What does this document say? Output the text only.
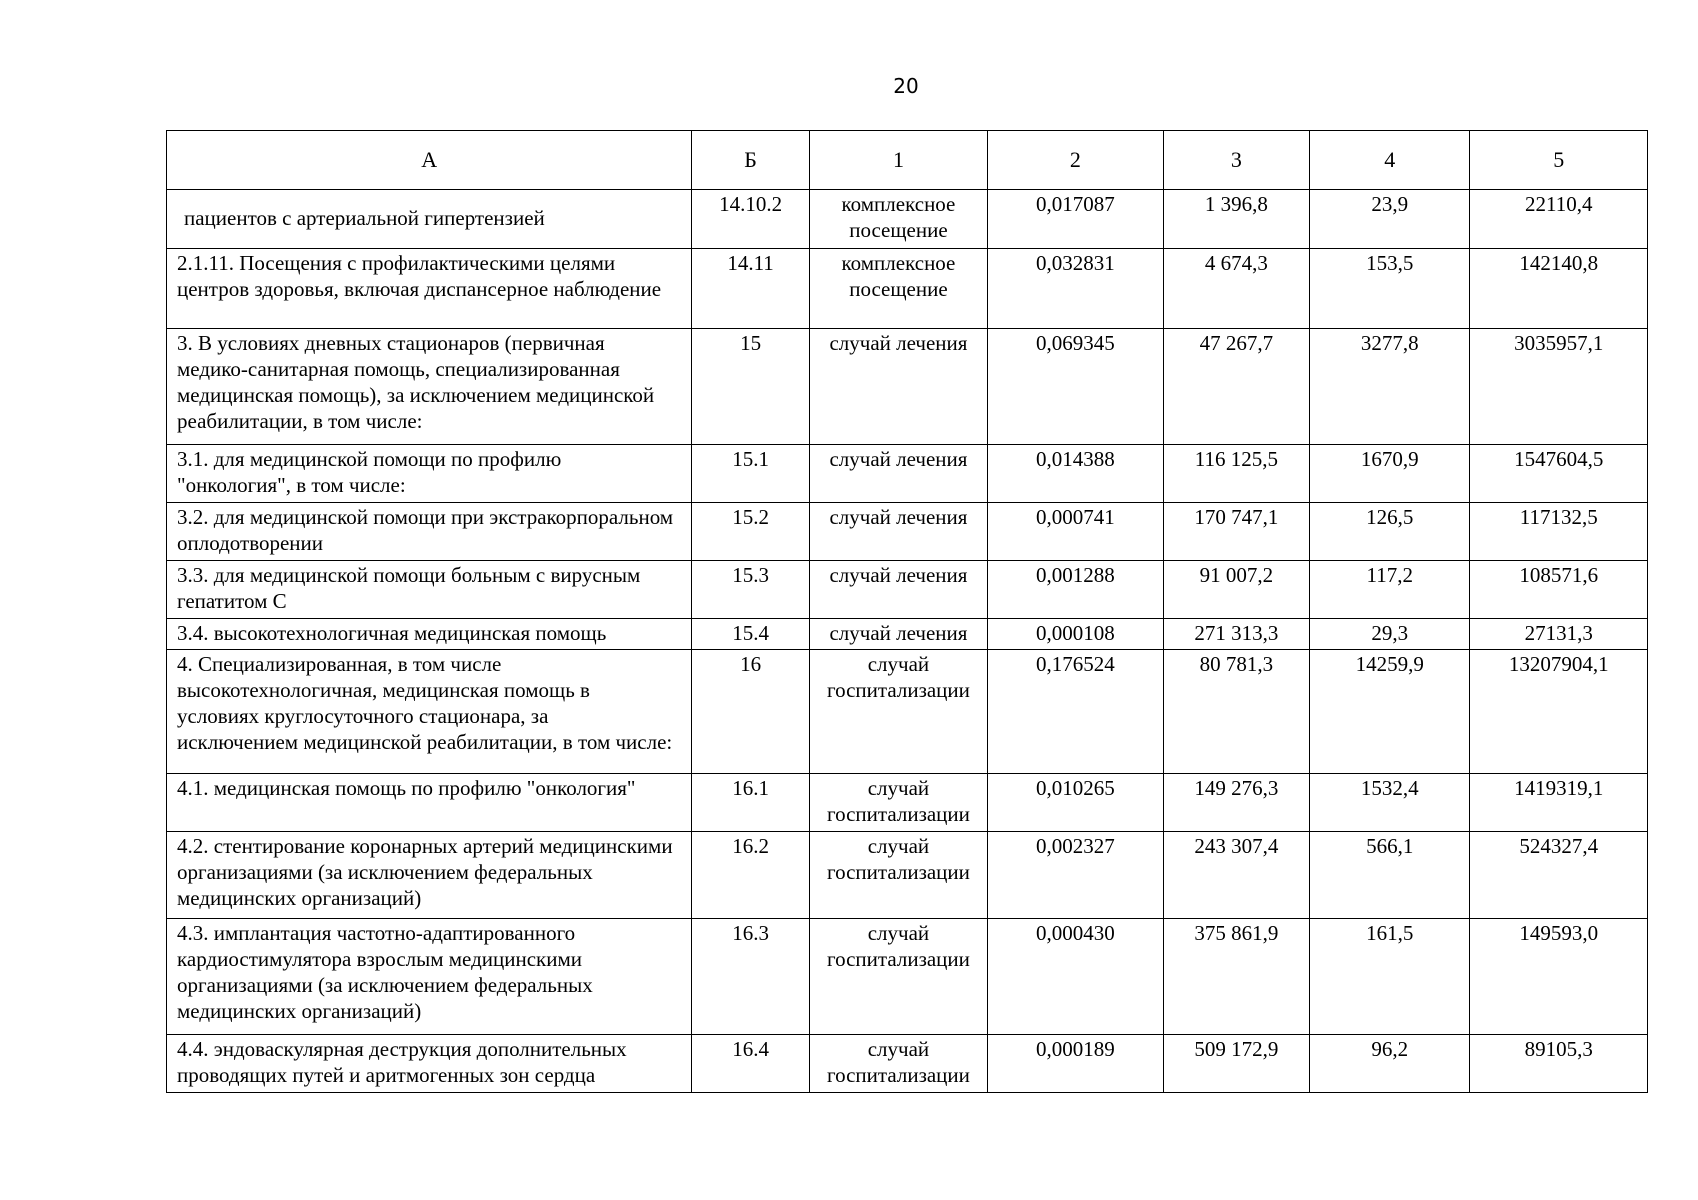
20
А	Б	1	2	3	4	5

пациентов с артериальной гипертензией	14.10.2	комплексное посещение	0,017087	1 396,8	23,9	22110,4
2.1.11. Посещения с профилактическими целями центров здоровья, включая диспансерное наблюдение	14.11	комплексное посещение	0,032831	4 674,3	153,5	142140,8
3. В условиях дневных стационаров (первичная медико-санитарная помощь, специализированная медицинская помощь), за исключением медицинской реабилитации, в том числе:	15	случай лечения	0,069345	47 267,7	3277,8	3035957,1
3.1. для медицинской помощи по профилю "онкология", в том числе:	15.1	случай лечения	0,014388	116 125,5	1670,9	1547604,5
3.2. для медицинской помощи при экстракорпоральном оплодотворении	15.2	случай лечения	0,000741	170 747,1	126,5	117132,5
3.3. для медицинской помощи больным с вирусным гепатитом С	15.3	случай лечения	0,001288	91 007,2	117,2	108571,6
3.4. высокотехнологичная медицинская помощь	15.4	случай лечения	0,000108	271 313,3	29,3	27131,3
4. Специализированная, в том числе высокотехнологичная, медицинская помощь в условиях круглосуточного стационара, за исключением медицинской реабилитации, в том числе:	16	случай госпитализации	0,176524	80 781,3	14259,9	13207904,1
4.1. медицинская помощь по профилю "онкология"	16.1	случай госпитализации	0,010265	149 276,3	1532,4	1419319,1
4.2. стентирование коронарных артерий медицинскими организациями (за исключением федеральных медицинских организаций)	16.2	случай госпитализации	0,002327	243 307,4	566,1	524327,4
4.3. имплантация частотно-адаптированного кардиостимулятора взрослым медицинскими организациями (за исключением федеральных медицинских организаций)	16.3	случай госпитализации	0,000430	375 861,9	161,5	149593,0
4.4. эндоваскулярная деструкция дополнительных проводящих путей и аритмогенных зон сердца	16.4	случай госпитализации	0,000189	509 172,9	96,2	89105,3
